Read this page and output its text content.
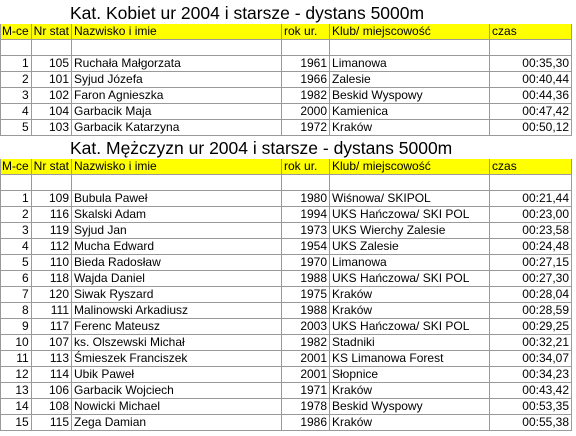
Kat. Kobiet ur 2004 i starsze - dystans 5000m
M-ce	Nr stat	Nazwisko i imie	rok ur.	Klub/ miejscowość	czas

1	105	Ruchała Małgorzata	1961	Limanowa	00:35,30
2	101	Syjud Józefa	1966	Zalesie	00:40,44
3	102	Faron Agnieszka	1982	Beskid Wyspowy	00:44,36
4	104	Garbacik Maja	2000	Kamienica	00:47,42
5	103	Garbacik Katarzyna	1972	Kraków	00:50,12
Kat. Mężczyzn ur 2004 i starsze - dystans 5000m
M-ce	Nr stat	Nazwisko i imie	rok ur.	Klub/ miejscowość	czas

1	109	Bubula Paweł	1980	Wiśnowa/ SKIPOL	00:21,44
2	116	Skalski Adam	1994	UKS Hańczowa/ SKI POL	00:23,00
3	119	Syjud Jan	1973	UKS Wierchy Zalesie	00:23,58
4	112	Mucha Edward	1954	UKS Zalesie	00:24,48
5	110	Bieda Radosław	1970	Limanowa	00:27,15
6	118	Wajda Daniel	1988	UKS Hańczowa/ SKI POL	00:27,30
7	120	Siwak Ryszard	1975	Kraków	00:28,04
8	111	Malinowski Arkadiusz	1988	Kraków	00:28,59
9	117	Ferenc Mateusz	2003	UKS Hańczowa/ SKI POL	00:29,25
10	107	ks. Olszewski Michał	1982	Stadniki	00:32,21
11	113	Śmieszek Franciszek	2001	KS Limanowa Forest	00:34,07
12	114	Ubik Paweł	2001	Słopnice	00:34,23
13	106	Garbacik Wojciech	1971	Kraków	00:43,42
14	108	Nowicki Michael	1978	Beskid Wyspowy	00:53,35
15	115	Zega Damian	1986	Kraków	00:55,38
